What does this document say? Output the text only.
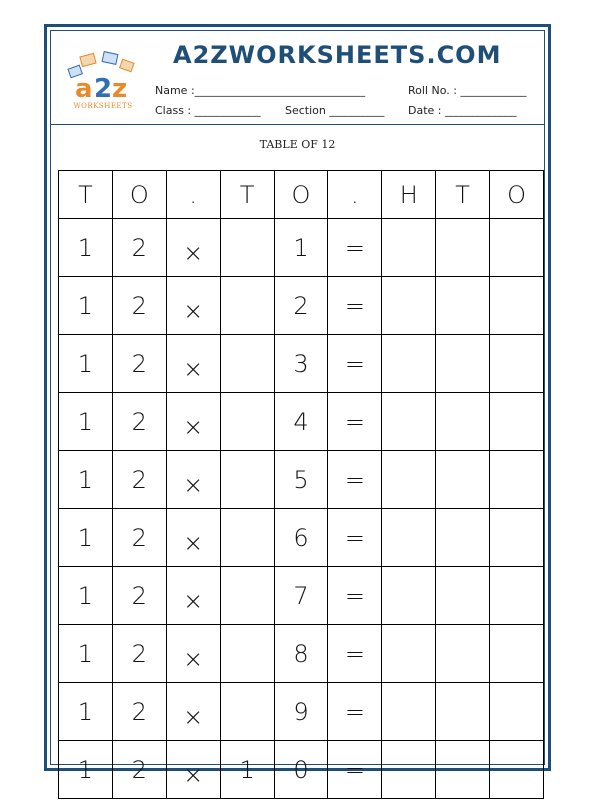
a 2 z
WORKSHEETS
A2ZWORKSHEETS.COM
Name :_______________________________	Roll No. : ____________
Class : ____________ Section __________ Date : _____________
TABLE OF 12
T	O	.	T	O	.	H	T	O
1	2	×		1	=			
1	2	×		2	=			
1	2	×		3	=			
1	2	×		4	=			
1	2	×		5	=			
1	2	×		6	=			
1	2	×		7	=			
1	2	×		8	=			
1	2	×		9	=			
1	2	×	1	0	=			
